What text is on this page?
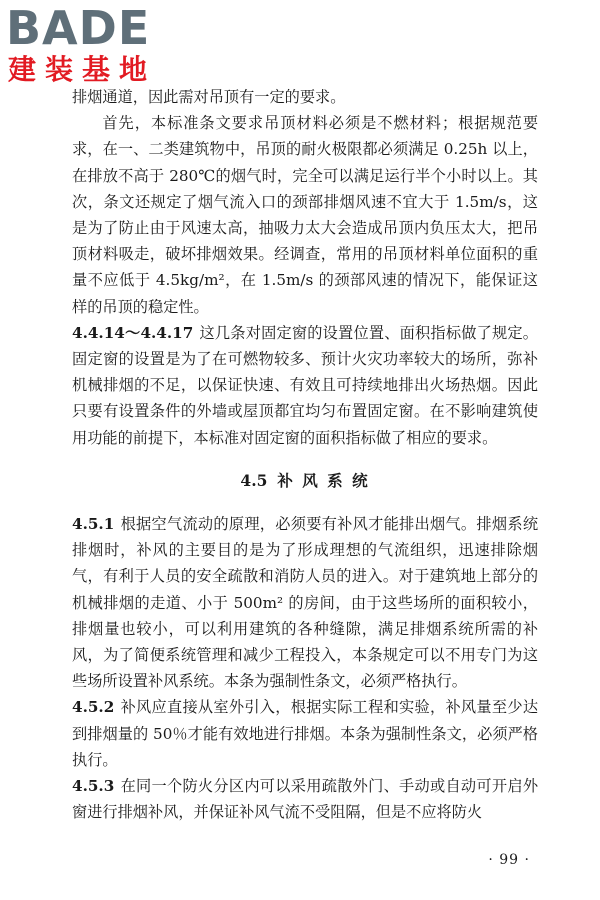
BADE
建装基地

排烟通道，因此需对吊顶有一定的要求。

首先，本标准条文要求吊顶材料必须是不燃材料；根据规范要求，在一、二类建筑物中，吊顶的耐火极限都必须满足 0.25h 以上，在排放不高于 280℃的烟气时，完全可以满足运行半个小时以上。其次，条文还规定了烟气流入口的颈部排烟风速不宜大于 1.5m/s，这是为了防止由于风速太高，抽吸力太大会造成吊顶内负压太大，把吊顶材料吸走，破坏排烟效果。经调查，常用的吊顶材料单位面积的重量不应低于 4.5kg/m²，在 1.5m/s 的颈部风速的情况下，能保证这样的吊顶的稳定性。

4.4.14～4.4.17 这几条对固定窗的设置位置、面积指标做了规定。固定窗的设置是为了在可燃物较多、预计火灾功率较大的场所，弥补机械排烟的不足，以保证快速、有效且可持续地排出火场热烟。因此只要有设置条件的外墙或屋顶都宜均匀布置固定窗。在不影响建筑使用功能的前提下，本标准对固定窗的面积指标做了相应的要求。

4.5 补 风 系 统

4.5.1 根据空气流动的原理，必须要有补风才能排出烟气。排烟系统排烟时，补风的主要目的是为了形成理想的气流组织，迅速排除烟气，有利于人员的安全疏散和消防人员的进入。对于建筑地上部分的机械排烟的走道、小于 500m² 的房间，由于这些场所的面积较小，排烟量也较小，可以利用建筑的各种缝隙，满足排烟系统所需的补风，为了简便系统管理和减少工程投入，本条规定可以不用专门为这些场所设置补风系统。本条为强制性条文，必须严格执行。

4.5.2 补风应直接从室外引入，根据实际工程和实验，补风量至少达到排烟量的 50％才能有效地进行排烟。本条为强制性条文，必须严格执行。

4.5.3 在同一个防火分区内可以采用疏散外门、手动或自动可开启外窗进行排烟补风，并保证补风气流不受阻隔，但是不应将防火

· 99 ·
